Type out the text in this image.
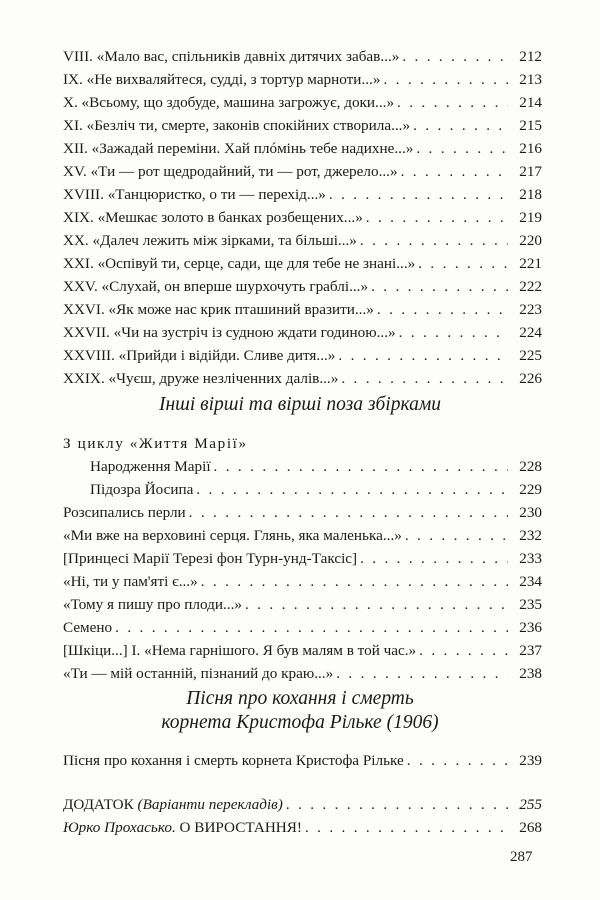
VIII. «Мало вас, спільників давніх дитячих забав...» . . .	212
IX. «Не вихваляйтеся, судді, з тортур марноти...» . . .	213
X. «Всьому, що здобуде, машина загрожує, доки...» . . .	214
XI. «Безліч ти, смерте, законів спокійних створила...» . . .	215
XII. «Зажадай переміни. Хай плóмінь тебе надихне...» . . .	216
XV. «Ти — рот щедродайний, ти — рот, джерело...» . . .	217
XVIII. «Танцюристко, о ти — перехід...» . . .	218
XIX. «Мешкає золото в банках розбещених...» . . .	219
XX. «Далеч лежить між зірками, та більші...» . . .	220
XXI. «Оспівуй ти, серце, сади, ще для тебе не знані...» . . .	221
XXV. «Слухай, он вперше шурхочуть граблі...» . . .	222
XXVI. «Як може нас крик пташиний вразити...» . . .	223
XXVII. «Чи на зустріч із судною ждати годиною...» . . .	224
XXVIII. «Прийди і відійди. Сливе дитя...» . . .	225
XXIX. «Чуєш, друже незліченних далів...» . . .	226
Інші вірші та вірші поза збірками
З циклу «Життя Марії»
Народження Марії . . .	228
Підозра Йосипа . . .	229
Розсипались перли . . .	230
«Ми вже на верховині серця. Глянь, яка маленька...» . . .	232
[Принцесі Марії Терезі фон Турн-унд-Таксіс] . . .	233
«Ні, ти у пам'яті є...» . . .	234
«Тому я пишу про плоди...» . . .	235
Семено . . .	236
[Шкіци...] І. «Нема гарнішого. Я був малям в той час.» . . .	237
«Ти — мій останній, пізнаний до краю...» . . .	238
Пісня про кохання і смерть
корнета Кристофа Рільке (1906)
Пісня про кохання і смерть корнета Кристофа Рільке . . .	239
ДОДАТОК (Варіанти перекладів) . . .	255
Юрко Прохасько. О ВИРОСТАННЯ! . . .	268
287
